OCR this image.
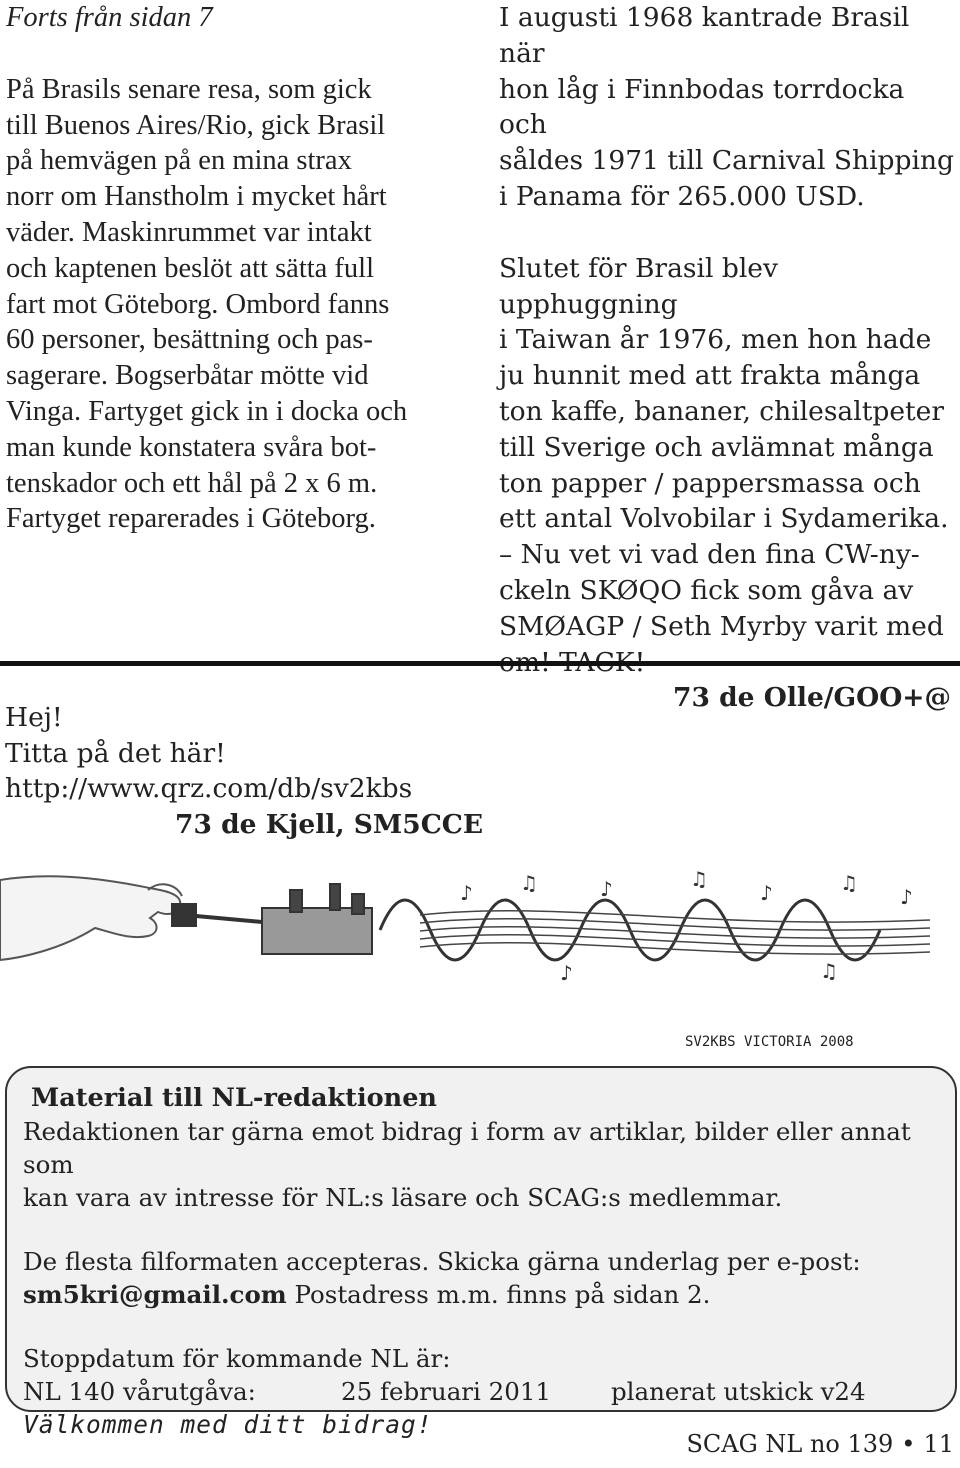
Forts från sidan 7

På Brasils senare resa, som gick

till Buenos Aires/Rio, gick Brasil

på hemvägen på en mina strax

norr om Hanstholm i mycket hårt

väder. Maskinrummet var intakt

och kaptenen beslöt att sätta full

fart mot Göteborg. Ombord fanns

60 personer, besättning och pas-

sagerare. Bogserbåtar mötte vid

Vinga. Fartyget gick in i docka och

man kunde konstatera svåra bot-

tenskador och ett hål på 2 x 6 m.

Fartyget reparerades i Göteborg.

I augusti 1968 kantrade Brasil när

hon låg i Finnbodas torrdocka och

såldes 1971 till Carnival Shipping

i Panama för 265.000 USD.

Slutet för Brasil blev upphuggning

i Taiwan år 1976, men hon hade

ju hunnit med att frakta många

ton kaffe, bananer, chilesaltpeter

till Sverige och avlämnat många

ton papper / pappersmassa och

ett antal Volvobilar i Sydamerika.

– Nu vet vi vad den fina CW-ny-

ckeln SKØQO fick som gåva av

SMØAGP / Seth Myrby varit med

73 de Olle/GOO+@

Hej!

Titta på det här!

http://www.qrz.com/db/sv2kbs

73 de Kjell, SM5CCE

♪ ♫	♪	♫
♪	♫
♪
♪	♫
SV2KBS VICTORIA 2008

Material till NL-redaktionen

Redaktionen tar gärna emot bidrag i form av artiklar, bilder eller annat som

kan vara av intresse för NL:s läsare och SCAG:s medlemmar.

De flesta filformaten accepteras. Skicka gärna underlag per e-post:

sm5kri@gmail.com Postadress m.m. finns på sidan 2.

Stoppdatum för kommande NL är:

NL 140 vårutgåva:	25 februari 2011 planerat utskick v24

Välkommen med ditt bidrag!

SCAG NL no 139 • 11
